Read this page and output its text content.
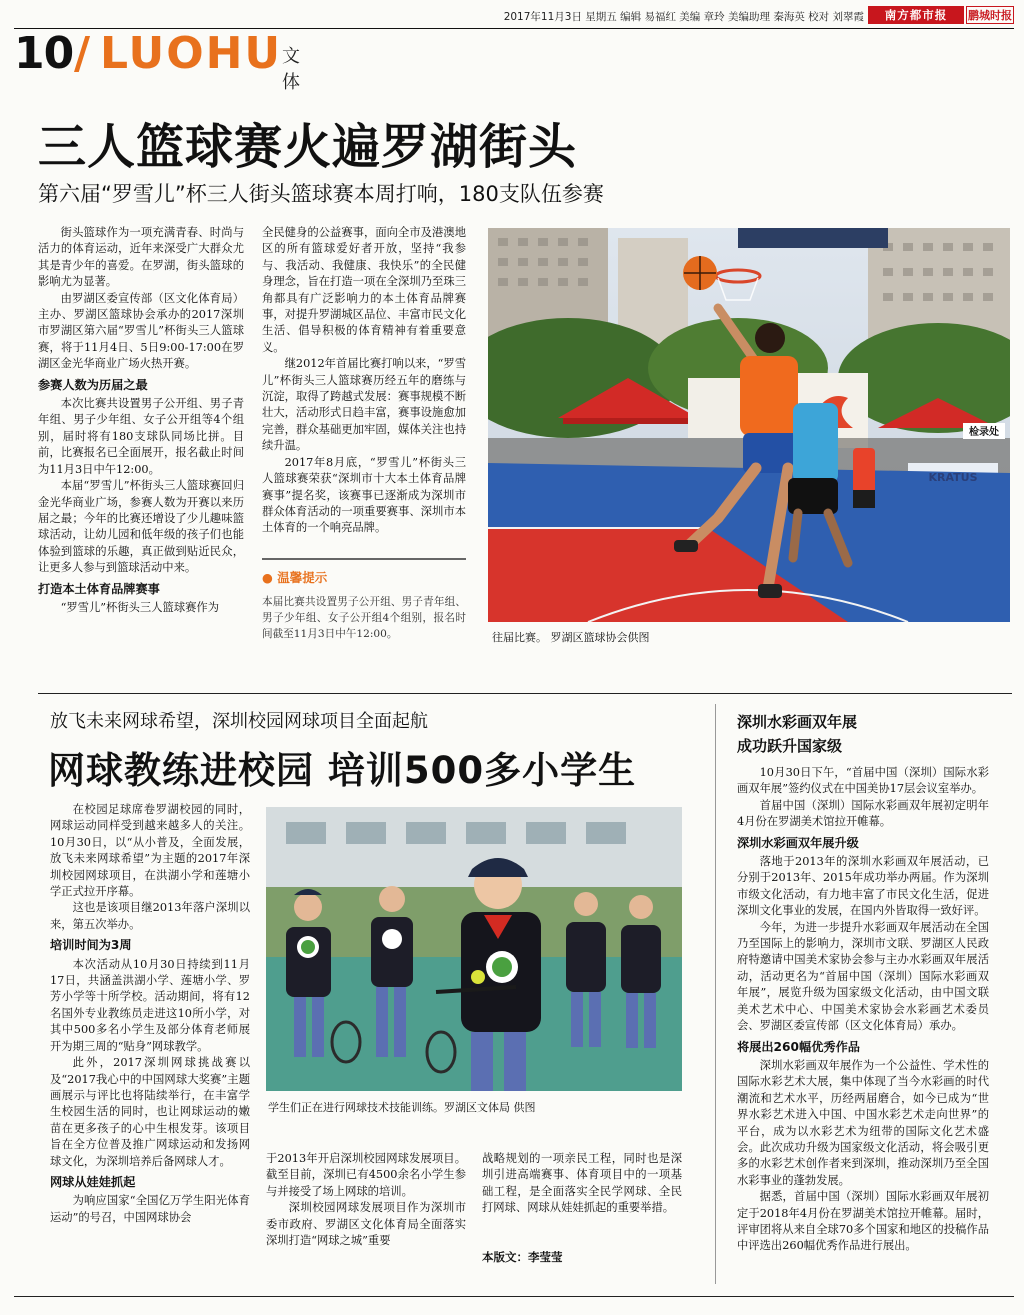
2017年11月3日 星期五 编辑 易福红 美编 章玲 美编助理 秦海英 校对 刘翠霞	南方都市报	鹏城时报
10 / LUOHU 文体
三人篮球赛火遍罗湖街头
第六届“罗雪儿”杯三人街头篮球赛本周打响，180支队伍参赛

街头篮球作为一项充满青春、时尚与活力的体育运动，近年来深受广大群众尤其是青少年的喜爱。在罗湖，街头篮球的影响尤为显著。

由罗湖区委宣传部（区文化体育局）主办、罗湖区篮球协会承办的2017深圳市罗湖区第六届“罗雪儿”杯街头三人篮球赛，将于11月4日、5日9:00-17:00在罗湖区金光华商业广场火热开赛。

参赛人数为历届之最

本次比赛共设置男子公开组、男子青年组、男子少年组、女子公开组等4个组别，届时将有180支球队同场比拼。目前，比赛报名已全面展开，报名截止时间为11月3日中午12:00。

本届“罗雪儿”杯街头三人篮球赛回归金光华商业广场，参赛人数为开赛以来历届之最；今年的比赛还增设了少儿趣味篮球活动，让幼儿园和低年级的孩子们也能体验到篮球的乐趣，真正做到贴近民众，让更多人参与到篮球活动中来。

打造本土体育品牌赛事

“罗雪儿”杯街头三人篮球赛作为

全民健身的公益赛事，面向全市及港澳地区的所有篮球爱好者开放，坚持“我参与、我活动、我健康、我快乐”的全民健身理念，旨在打造一项在全深圳乃至珠三角都具有广泛影响力的本土体育品牌赛事，对提升罗湖城区品位、丰富市民文化生活、倡导积极的体育精神有着重要意义。

继2012年首届比赛打响以来，“罗雪儿”杯街头三人篮球赛历经五年的磨练与沉淀，取得了跨越式发展：赛事规模不断壮大，活动形式日趋丰富，赛事设施愈加完善，群众基础更加牢固，媒体关注也持续升温。

2017年8月底，“罗雪儿”杯街头三人篮球赛荣获“深圳市十大本土体育品牌赛事”提名奖，该赛事已逐渐成为深圳市群众体育活动的一项重要赛事、深圳市本土体育的一个响亮品牌。

● 温馨提示
本届比赛共设置男子公开组、男子青年组、男子少年组、女子公开组4个组别，报名时间截至11月3日中午12:00。
检录处
KRATUS
往届比赛。 罗湖区篮球协会供图
放飞未来网球希望，深圳校园网球项目全面起航
网球教练进校园 培训500多小学生

在校园足球席卷罗湖校园的同时，网球运动同样受到越来越多人的关注。10月30日，以“从小普及，全面发展，放飞未来网球希望”为主题的2017年深圳校园网球项目，在洪湖小学和莲塘小学正式拉开序幕。

这也是该项目继2013年落户深圳以来，第五次举办。

培训时间为3周

本次活动从10月30日持续到11月17日，共涵盖洪湖小学、莲塘小学、罗芳小学等十所学校。活动期间，将有12名国外专业教练员走进这10所小学，对其中500多名小学生及部分体育老师展开为期三周的“贴身”网球教学。

此外，2017深圳网球挑战赛以及“2017我心中的中国网球大奖赛”主题画展示与评比也将陆续举行，在丰富学生校园生活的同时，也让网球运动的嫩苗在更多孩子的心中生根发芽。该项目旨在全方位普及推广网球运动和发扬网球文化，为深圳培养后备网球人才。

网球从娃娃抓起

为响应国家“全国亿万学生阳光体育运动”的号召，中国网球协会

学生们正在进行网球技术技能训练。罗湖区文体局 供图

于2013年开启深圳校园网球发展项目。截至目前，深圳已有4500余名小学生参与并接受了场上网球的培训。

深圳校园网球发展项目作为深圳市委市政府、罗湖区文化体育局全面落实深圳打造“网球之城”重要

战略规划的一项亲民工程，同时也是深圳引进高端赛事、体育项目中的一项基础工程，是全面落实全民学网球、全民打网球、网球从娃娃抓起的重要举措。

本版文：李莹莹
深圳水彩画双年展
成功跃升国家级

10月30日下午，“首届中国（深圳）国际水彩画双年展”签约仪式在中国美协17层会议室举办。

首届中国（深圳）国际水彩画双年展初定明年4月份在罗湖美术馆拉开帷幕。

深圳水彩画双年展升级

落地于2013年的深圳水彩画双年展活动，已分别于2013年、2015年成功举办两届。作为深圳市级文化活动，有力地丰富了市民文化生活，促进深圳文化事业的发展，在国内外皆取得一致好评。

今年，为进一步提升水彩画双年展活动在全国乃至国际上的影响力，深圳市文联、罗湖区人民政府特邀请中国美术家协会参与主办水彩画双年展活动，活动更名为“首届中国（深圳）国际水彩画双年展”，展览升级为国家级文化活动，由中国文联美术艺术中心、中国美术家协会水彩画艺术委员会、罗湖区委宣传部（区文化体育局）承办。

将展出260幅优秀作品

深圳水彩画双年展作为一个公益性、学术性的国际水彩艺术大展，集中体现了当今水彩画的时代潮流和艺术水平，历经两届磨合，如今已成为“世界水彩艺术进入中国、中国水彩艺术走向世界”的平台，成为以水彩艺术为纽带的国际文化艺术盛会。此次成功升级为国家级文化活动，将会吸引更多的水彩艺术创作者来到深圳，推动深圳乃至全国水彩事业的蓬勃发展。

据悉，首届中国（深圳）国际水彩画双年展初定于2018年4月份在罗湖美术馆拉开帷幕。届时，评审团将从来自全球70多个国家和地区的投稿作品中评选出260幅优秀作品进行展出。
